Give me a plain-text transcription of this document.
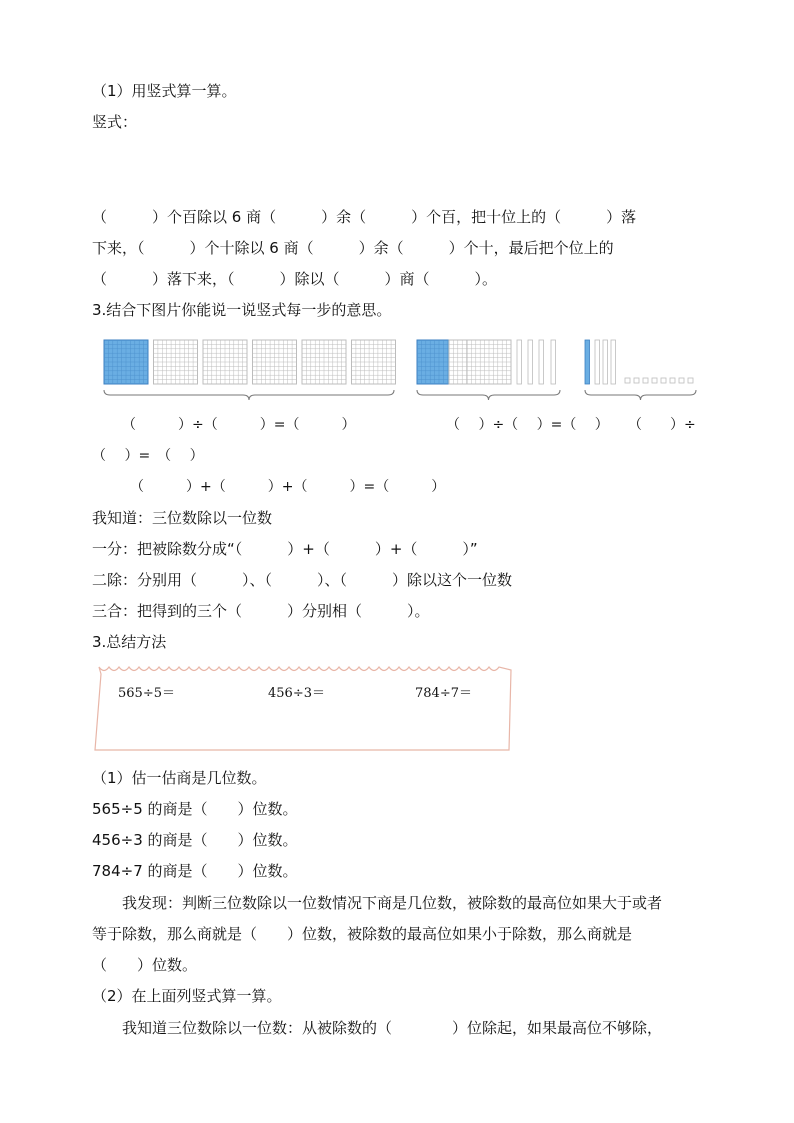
（1）用竖式算一算。
竖式：
（　　　）个百除以 6 商（　　　）余（　　　）个百，把十位上的（　　　）落
下来，（　　　）个十除以 6 商（　　　）余（　　　）个十，最后把个位上的
（　　　）落下来，（　　　）除以（　　　）商（　　　）。
3.结合下图片你能说一说竖式每一步的意思。
（　　　）÷（　　　）=（　　　）	（　 ）÷（　 ）=（　 ） （　　）÷
（　 ）=　（　 ）
（　　　）+（　　　）+（　　　）=（　　　）
我知道：三位数除以一位数
一分：把被除数分成“（　　　）+（　　　）+（　　　）”
二除：分别用（　　　）、（　　　）、（　　　）除以这个一位数
三合：把得到的三个（　　　）分别相（　　　）。
3.总结方法
565÷5＝	456÷3＝	784÷7＝
（1）估一估商是几位数。
565÷5 的商是（　　）位数。
456÷3 的商是（　　）位数。
784÷7 的商是（　　）位数。
我发现：判断三位数除以一位数情况下商是几位数，被除数的最高位如果大于或者
等于除数，那么商就是（　　）位数，被除数的最高位如果小于除数，那么商就是
（　　）位数。
（2）在上面列竖式算一算。
我知道三位数除以一位数：从被除数的（　　　　）位除起，如果最高位不够除，
